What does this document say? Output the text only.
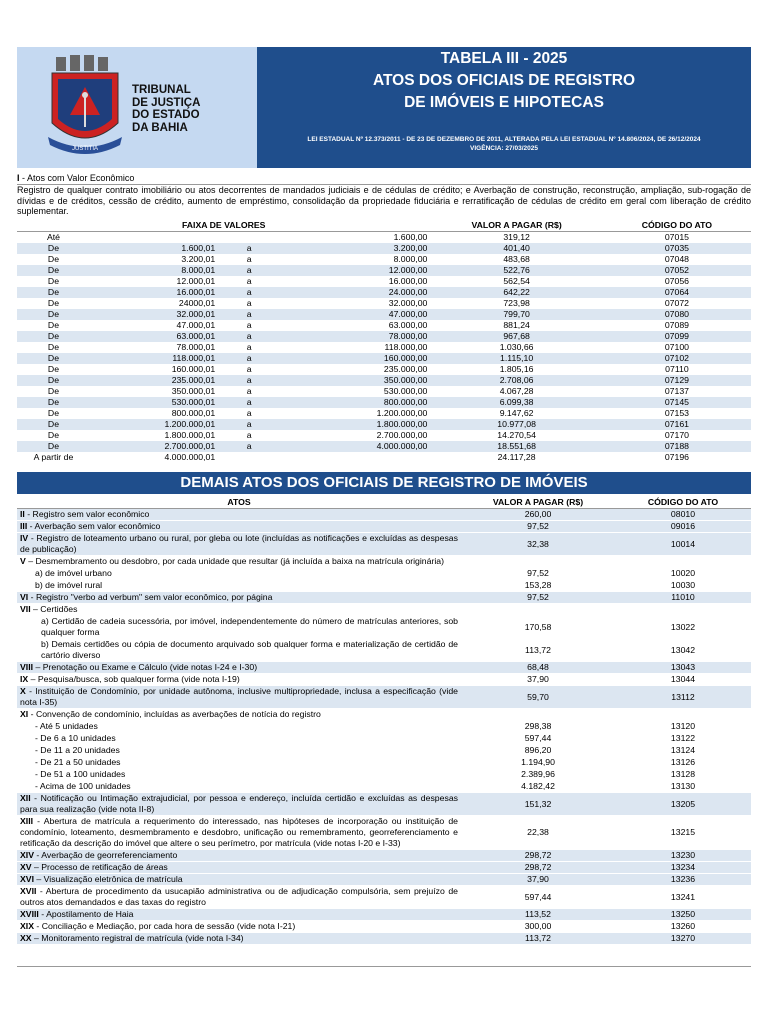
JUSTITIA
TRIBUNAL
DE JUSTIÇA
DO ESTADO
DA BAHIA
TABELA III - 2025
ATOS DOS OFICIAIS DE REGISTRO
DE IMÓVEIS E HIPOTECAS
LEI ESTADUAL Nº 12.373/2011 - DE 23 DE DEZEMBRO DE 2011, ALTERADA PELA LEI ESTADUAL Nº 14.806/2024, DE 26/12/2024
VIGÊNCIA: 27/03/2025
I - Atos com Valor Econômico
Registro de qualquer contrato imobiliário ou atos decorrentes de mandados judiciais e de cédulas de crédito; e Averbação de construção, reconstrução, ampliação, sub-rogação de dívidas e de créditos, cessão de crédito, aumento de empréstimo, consolidação da propriedade fiduciária e rerratificação de cédulas de crédito em geral com liberação de crédito suplementar.
FAIXA DE VALORES				VALOR A PAGAR (R$)	CÓDIGO DO ATO
Até			1.600,00	319,12	07015
De	1.600,01	a	3.200,00	401,40	07035
De	3.200,01	a	8.000,00	483,68	07048
De	8.000,01	a	12.000,00	522,76	07052
De	12.000,01	a	16.000,00	562,54	07056
De	16.000,01	a	24.000,00	642,22	07064
De	24000,01	a	32.000,00	723,98	07072
De	32.000,01	a	47.000,00	799,70	07080
De	47.000,01	a	63.000,00	881,24	07089
De	63.000,01	a	78.000,00	967,68	07099
De	78.000,01	a	118.000,00	1.030,66	07100
De	118.000,01	a	160.000,00	1.115,10	07102
De	160.000,01	a	235.000,00	1.805,16	07110
De	235.000,01	a	350.000,00	2.708,06	07129
De	350.000,01	a	530.000,00	4.067,28	07137
De	530.000,01	a	800.000,00	6.099,38	07145
De	800.000,01	a	1.200.000,00	9.147,62	07153
De	1.200.000,01	a	1.800.000,00	10.977,08	07161
De	1.800.000,01	a	2.700.000,00	14.270,54	07170
De	2.700.000,01	a	4.000.000,00	18.551,68	07188
A partir de	4.000.000,01			24.117,28	07196
DEMAIS ATOS DOS OFICIAIS DE REGISTRO DE IMÓVEIS
ATOS	VALOR A PAGAR (R$)	CÓDIGO DO ATO
II - Registro sem valor econômico	260,00	08010
III - Averbação sem valor econômico	97,52	09016
IV - Registro de loteamento urbano ou rural, por gleba ou lote (incluídas as notificações e excluídas as despesas de publicação)	32,38	10014
V – Desmembramento ou desdobro, por cada unidade que resultar (já incluída a baixa na matrícula originária)		
a) de imóvel urbano	97,52	10020
b) de imóvel rural	153,28	10030
VI - Registro "verbo ad verbum" sem valor econômico, por página	97,52	11010
VII – Certidões		
a) Certidão de cadeia sucessória, por imóvel, independentemente do número de matrículas anteriores, sob qualquer forma	170,58	13022
b) Demais certidões ou cópia de documento arquivado sob qualquer forma e materialização de certidão de cartório diverso	113,72	13042
VIII – Prenotação ou Exame e Cálculo (vide notas I-24 e I-30)	68,48	13043
IX – Pesquisa/busca, sob qualquer forma (vide nota I-19)	37,90	13044
X - Instituição de Condomínio, por unidade autônoma, inclusive multipropriedade, inclusa a especificação (vide nota I-35)	59,70	13112
XI - Convenção de condomínio, incluídas as averbações de notícia do registro		
- Até 5 unidades	298,38	13120
- De 6 a 10 unidades	597,44	13122
- De 11 a 20 unidades	896,20	13124
- De 21 a 50 unidades	1.194,90	13126
- De 51 a 100 unidades	2.389,96	13128
- Acima de 100 unidades	4.182,42	13130
XII - Notificação ou Intimação extrajudicial, por pessoa e endereço, incluída certidão e excluídas as despesas para sua realização (vide nota II-8)	151,32	13205
XIII - Abertura de matrícula a requerimento do interessado, nas hipóteses de incorporação ou instituição de condomínio, loteamento, desmembramento e desdobro, unificação ou remembramento, georreferenciamento e retificação da descrição do imóvel que altere o seu perímetro, por matrícula (vide notas I-20 e I-33)	22,38	13215
XIV - Averbação de georreferenciamento	298,72	13230
XV – Processo de retificação de áreas	298,72	13234
XVI – Visualização eletrônica de matrícula	37,90	13236
XVII - Abertura de procedimento da usucapião administrativa ou de adjudicação compulsória, sem prejuízo de outros atos demandados e das taxas do registro	597,44	13241
XVIII - Apostilamento de Haia	113,52	13250
XIX - Conciliação e Mediação, por cada hora de sessão (vide nota I-21)	300,00	13260
XX – Monitoramento registral de matrícula (vide nota I-34)	113,72	13270
